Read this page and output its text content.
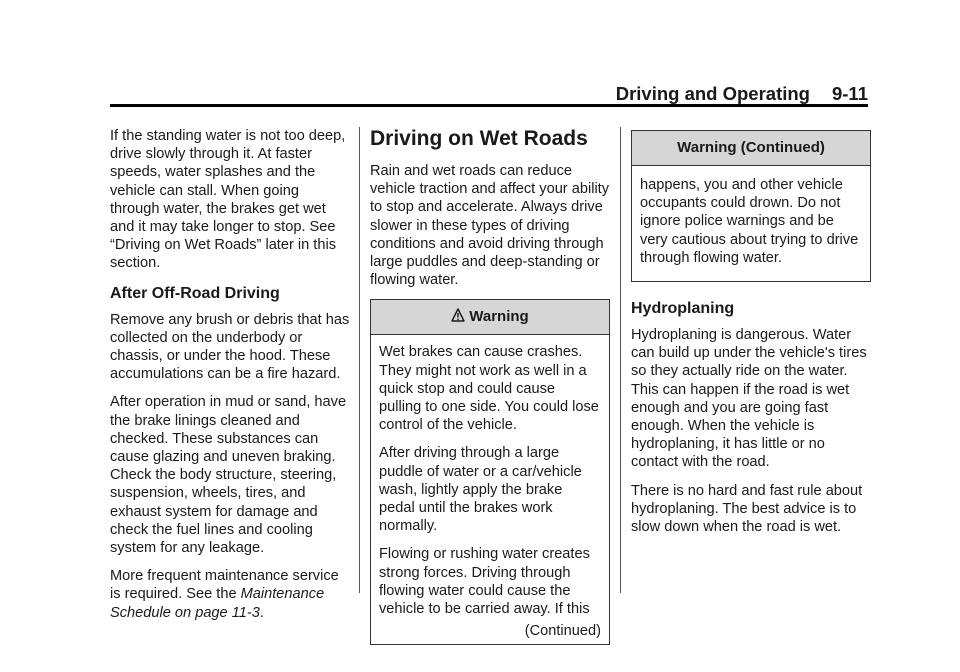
Driving and Operating 9-11

If the standing water is not too deep, drive slowly through it. At faster speeds, water splashes and the vehicle can stall. When going through water, the brakes get wet and it may take longer to stop. See “Driving on Wet Roads” later in this section.

After Off-Road Driving

Remove any brush or debris that has collected on the underbody or chassis, or under the hood. These accumulations can be a fire hazard.

After operation in mud or sand, have the brake linings cleaned and checked. These substances can cause glazing and uneven braking. Check the body structure, steering, suspension, wheels, tires, and exhaust system for damage and check the fuel lines and cooling system for any leakage.

More frequent maintenance service is required. See the Maintenance Schedule on page 11-3.

Driving on Wet Roads

Rain and wet roads can reduce vehicle traction and affect your ability to stop and accelerate. Always drive slower in these types of driving conditions and avoid driving through large puddles and deep-standing or flowing water.

Warning

Wet brakes can cause crashes. They might not work as well in a quick stop and could cause pulling to one side. You could lose control of the vehicle.

After driving through a large puddle of water or a car/vehicle wash, lightly apply the brake pedal until the brakes work normally.

Flowing or rushing water creates strong forces. Driving through flowing water could cause the vehicle to be carried away. If this

(Continued)
Warning (Continued)

happens, you and other vehicle occupants could drown. Do not ignore police warnings and be very cautious about trying to drive through flowing water.

Hydroplaning

Hydroplaning is dangerous. Water can build up under the vehicle's tires so they actually ride on the water. This can happen if the road is wet enough and you are going fast enough. When the vehicle is hydroplaning, it has little or no contact with the road.

There is no hard and fast rule about hydroplaning. The best advice is to slow down when the road is wet.
